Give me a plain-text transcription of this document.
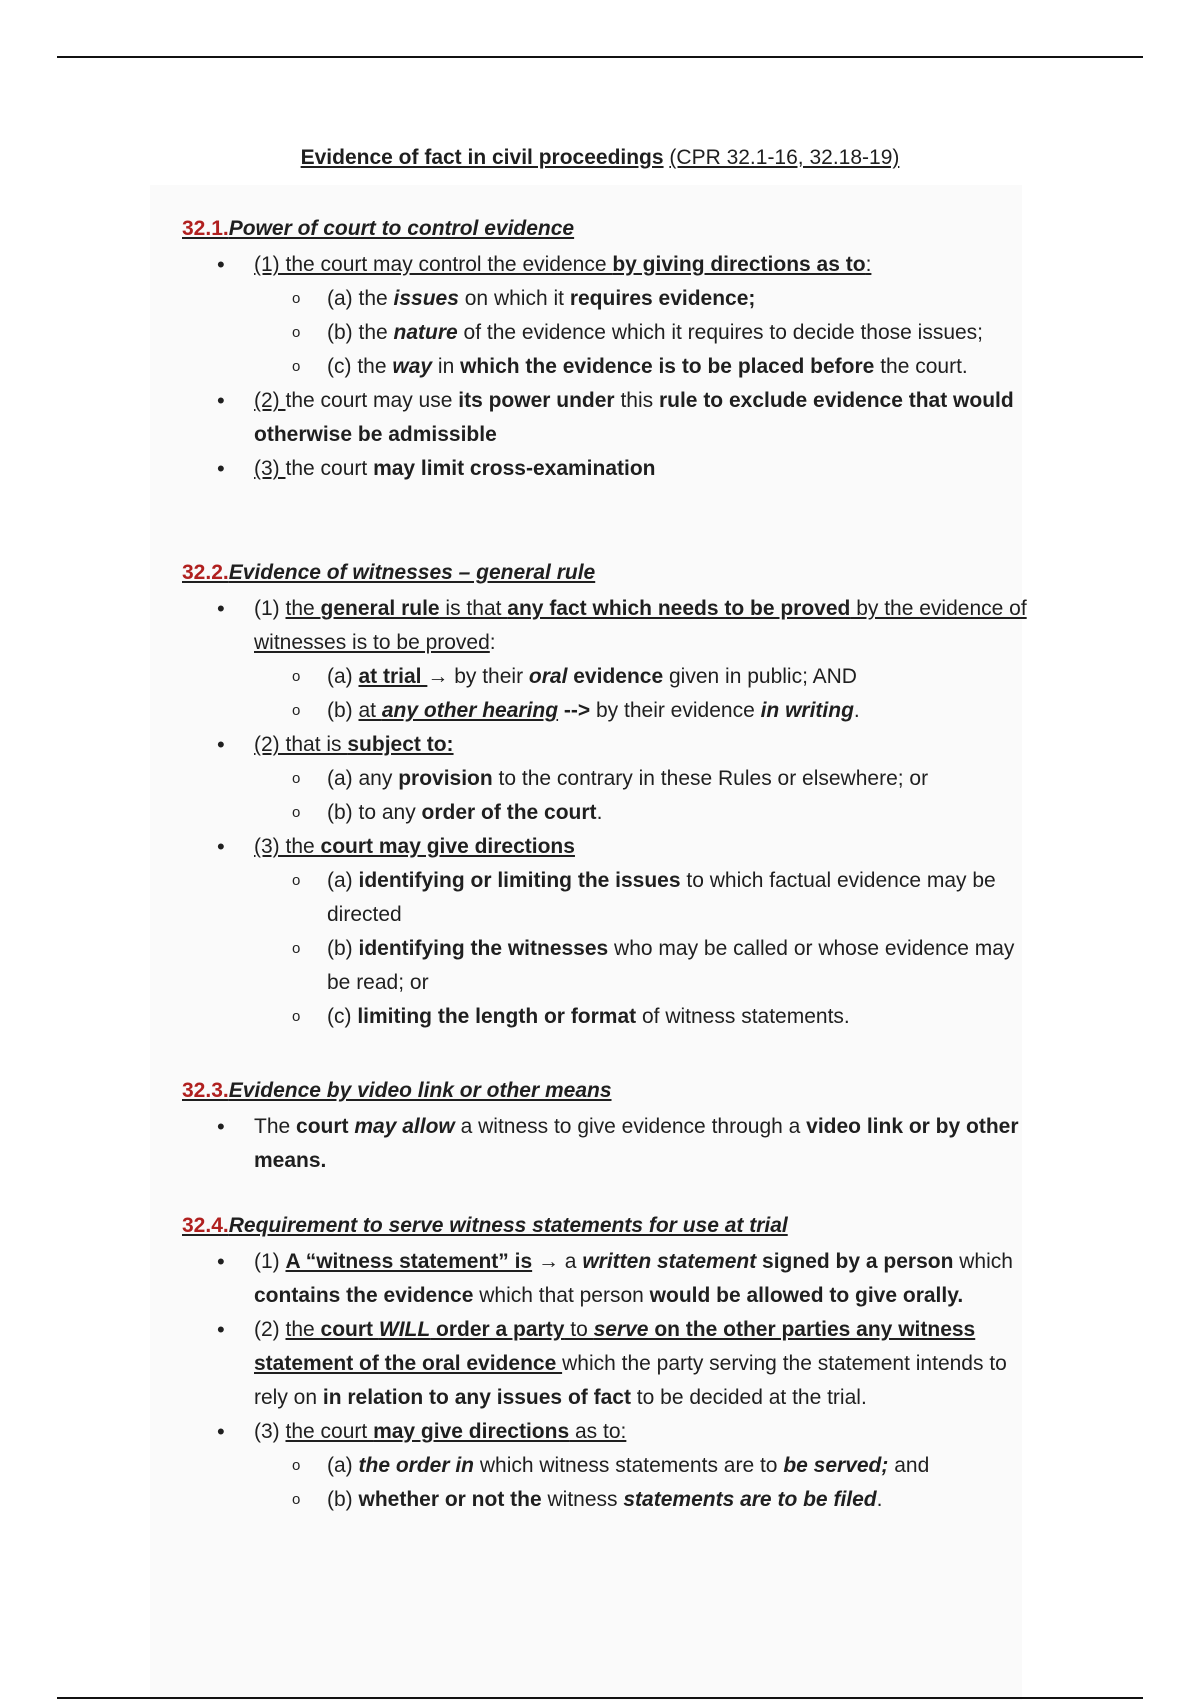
Evidence of fact in civil proceedings (CPR 32.1-16, 32.18-19)
32.1.Power of court to control evidence
• (1) the court may control the evidence by giving directions as to:
o (a) the issues on which it requires evidence;
o (b) the nature of the evidence which it requires to decide those issues;
o (c) the way in which the evidence is to be placed before the court.
• (2) the court may use its power under this rule to exclude evidence that would otherwise be admissible
• (3) the court may limit cross-examination
32.2.Evidence of witnesses – general rule
• (1) the general rule is that any fact which needs to be proved by the evidence of witnesses is to be proved:
o (a) at trial → by their oral evidence given in public; AND
o (b) at any other hearing --> by their evidence in writing.
• (2) that is subject to:
o (a) any provision to the contrary in these Rules or elsewhere; or
o (b) to any order of the court.
• (3) the court may give directions
o (a) identifying or limiting the issues to which factual evidence may be directed
o (b) identifying the witnesses who may be called or whose evidence may be read; or
o (c) limiting the length or format of witness statements.
32.3.Evidence by video link or other means
• The court may allow a witness to give evidence through a video link or by other means.
32.4.Requirement to serve witness statements for use at trial
• (1) A “witness statement” is → a written statement signed by a person which contains the evidence which that person would be allowed to give orally.
• (2) the court WILL order a party to serve on the other parties any witness statement of the oral evidence which the party serving the statement intends to rely on in relation to any issues of fact to be decided at the trial.
• (3) the court may give directions as to:
o (a) the order in which witness statements are to be served; and
o (b) whether or not the witness statements are to be filed.
